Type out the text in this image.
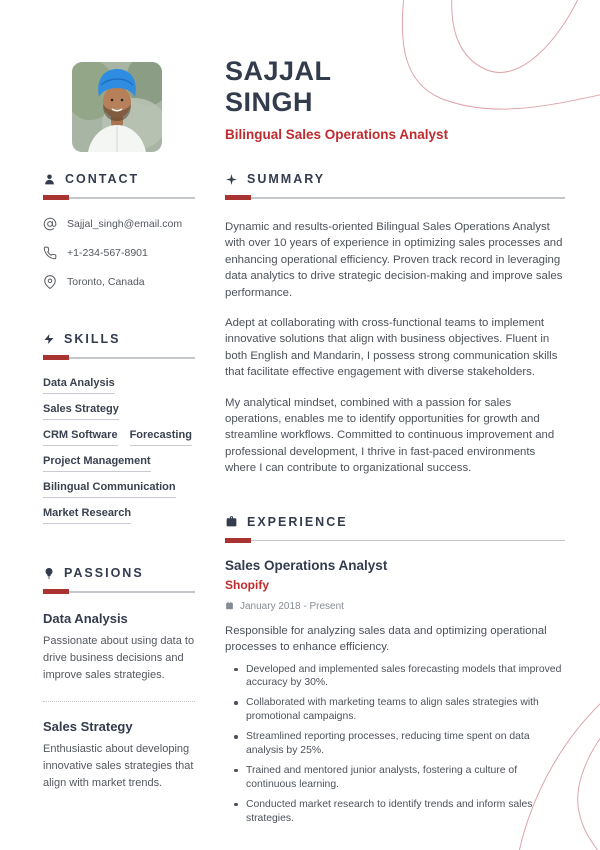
SAJJAL
SINGH
Bilingual Sales Operations Analyst
CONTACT
Sajjal_singh@email.com
+1-234-567-8901
Toronto, Canada
SKILLS
Data Analysis
Sales Strategy
CRM Software Forecasting
Project Management
Bilingual Communication
Market Research
PASSIONS
Data Analysis
Passionate about using data to drive business decisions and improve sales strategies.
Sales Strategy
Enthusiastic about developing innovative sales strategies that align with market trends.
SUMMARY
Dynamic and results-oriented Bilingual Sales Operations Analyst with over 10 years of experience in optimizing sales processes and enhancing operational efficiency. Proven track record in leveraging data analytics to drive strategic decision-making and improve sales performance.
Adept at collaborating with cross-functional teams to implement innovative solutions that align with business objectives. Fluent in both English and Mandarin, I possess strong communication skills that facilitate effective engagement with diverse stakeholders.
My analytical mindset, combined with a passion for sales operations, enables me to identify opportunities for growth and streamline workflows. Committed to continuous improvement and professional development, I thrive in fast-paced environments where I can contribute to organizational success.
EXPERIENCE
Sales Operations Analyst
Shopify
January 2018 - Present
Responsible for analyzing sales data and optimizing operational processes to enhance efficiency.
Developed and implemented sales forecasting models that improved accuracy by 30%.
Collaborated with marketing teams to align sales strategies with promotional campaigns.
Streamlined reporting processes, reducing time spent on data analysis by 25%.
Trained and mentored junior analysts, fostering a culture of continuous learning.
Conducted market research to identify trends and inform sales strategies.
